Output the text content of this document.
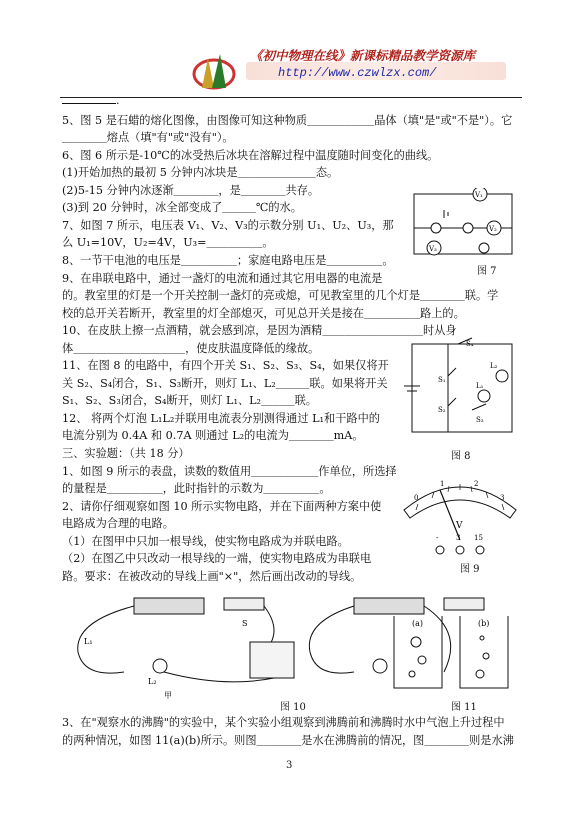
《初中物理在线》新课标精品教学资源库
http://www.czwlzx.com/
.
5、图 5 是石蜡的熔化图像，由图像可知这种物质＿＿＿＿＿＿晶体（填"是"或"不是"）。它
＿＿＿＿熔点（填"有"或"没有"）。
6、图 6 所示是-10℃的冰受热后冰块在溶解过程中温度随时间变化的曲线。
(1)开始加热的最初 5 分钟内冰块是＿＿＿＿＿＿＿态。
(2)5-15 分钟内冰逐渐＿＿＿＿，是＿＿＿＿共存。
(3)到 20 分钟时，冰全部变成了＿＿＿℃的水。
7、如图 7 所示，电压表 V₁、V₂、V₃的示数分别 U₁、U₂、U₃，那
么 U₁=10V，U₂=4V，U₃=＿＿＿＿＿。
8、一节干电池的电压是＿＿＿＿＿；家庭电路电压是＿＿＿＿＿。
9、在串联电路中，通过一盏灯的电流和通过其它用电器的电流是
的。教室里的灯是一个开关控制一盏灯的亮或熄，可见教室里的几个灯是＿＿＿＿联。学
校的总开关若断开，教室里的灯全部熄灭，可见总开关是接在＿＿＿＿＿路上的。
10、在皮肤上擦一点酒精，就会感到凉，是因为酒精＿＿＿＿＿＿＿＿＿时从身
体＿＿＿＿＿＿＿＿＿＿，使皮肤温度降低的缘故。
11、在图 8 的电路中，有四个开关 S₁、S₂、S₃、S₄，如果仅将开
关 S₂、S₄闭合，S₁、S₃断开，则灯 L₁、L₂＿＿＿联。如果将开关
S₁、S₂、S₃闭合，S₄断开，则灯 L₁、L₂＿＿＿联。
12、 将两个灯泡 L₁L₂并联用电流表分别测得通过 L₁和干路中的
电流分别为 0.4A 和 0.7A 则通过 L₂的电流为＿＿＿＿mA。
三、实验题：（共 18 分）
1、如图 9 所示的表盘，读数的数值用＿＿＿＿＿＿作单位，所选择
的量程是＿＿＿＿＿，此时指针的示数为＿＿＿＿＿。
2、请你仔细观察如图 10 所示实物电路，并在下面两种方案中使
电路成为合理的电路。
（1）在图甲中只加一根导线，使实物电路成为并联电路。
（2）在图乙中只改动一根导线的一端，使实物电路成为串联电
路。要求：在被改动的导线上画"×"，然后画出改动的导线。
3、在"观察水的沸腾"的实验中，某个实验小组观察到沸腾前和沸腾时水中气泡上升过程中
的两种情况，如图 11(a)(b)所示。则图＿＿＿＿是水在沸腾前的情况，图＿＿＿＿则是水沸
V₁
V₂
V₃
图 7
S₄
S₁
S₂
S₃
L₁
L₂
图 8
0
1	2
3
V
-	3 15
图 9
S
L₁
L₂
甲
图 10
(a)	(b)
图 11
3
